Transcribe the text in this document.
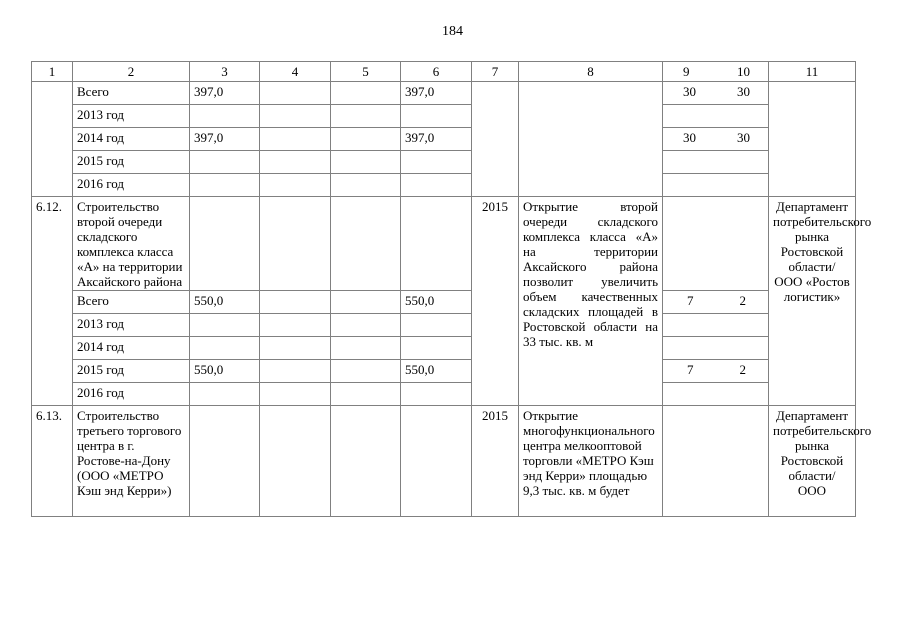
184
1	2	3	4	5	6	7	8	9 10	11
	Всего	397,0			397,0			30 30	

	2013 год								
	2014 год	397,0			397,0			30 30	

	2015 год								
	2016 год								
6.12.	Строительство второй очереди складского комплекса класса «А» на территории Аксайского района					2015	Открытие второй очереди складского комплекса класса «А» на территории Аксайского района позволит увеличить объем качественных складских площадей в Ростовской области на 33 тыс. кв. м		Департамент потребительского рынка Ростовской области/ ООО «Ростов логистик»

	Всего	550,0			550,0			7 2	

	2013 год								
	2014 год								
	2015 год	550,0			550,0			7 2	

	2016 год								
6.13.	Строительство третьего торгового центра в г. Ростове-на-Дону (ООО «МЕТРО Кэш энд Керри»)					2015	Открытие многофункционального центра мелкооптовой торговли «МЕТРО Кэш энд Керри» площадью 9,3 тыс. кв. м будет		Департамент потребительского рынка Ростовской области/ ООО
